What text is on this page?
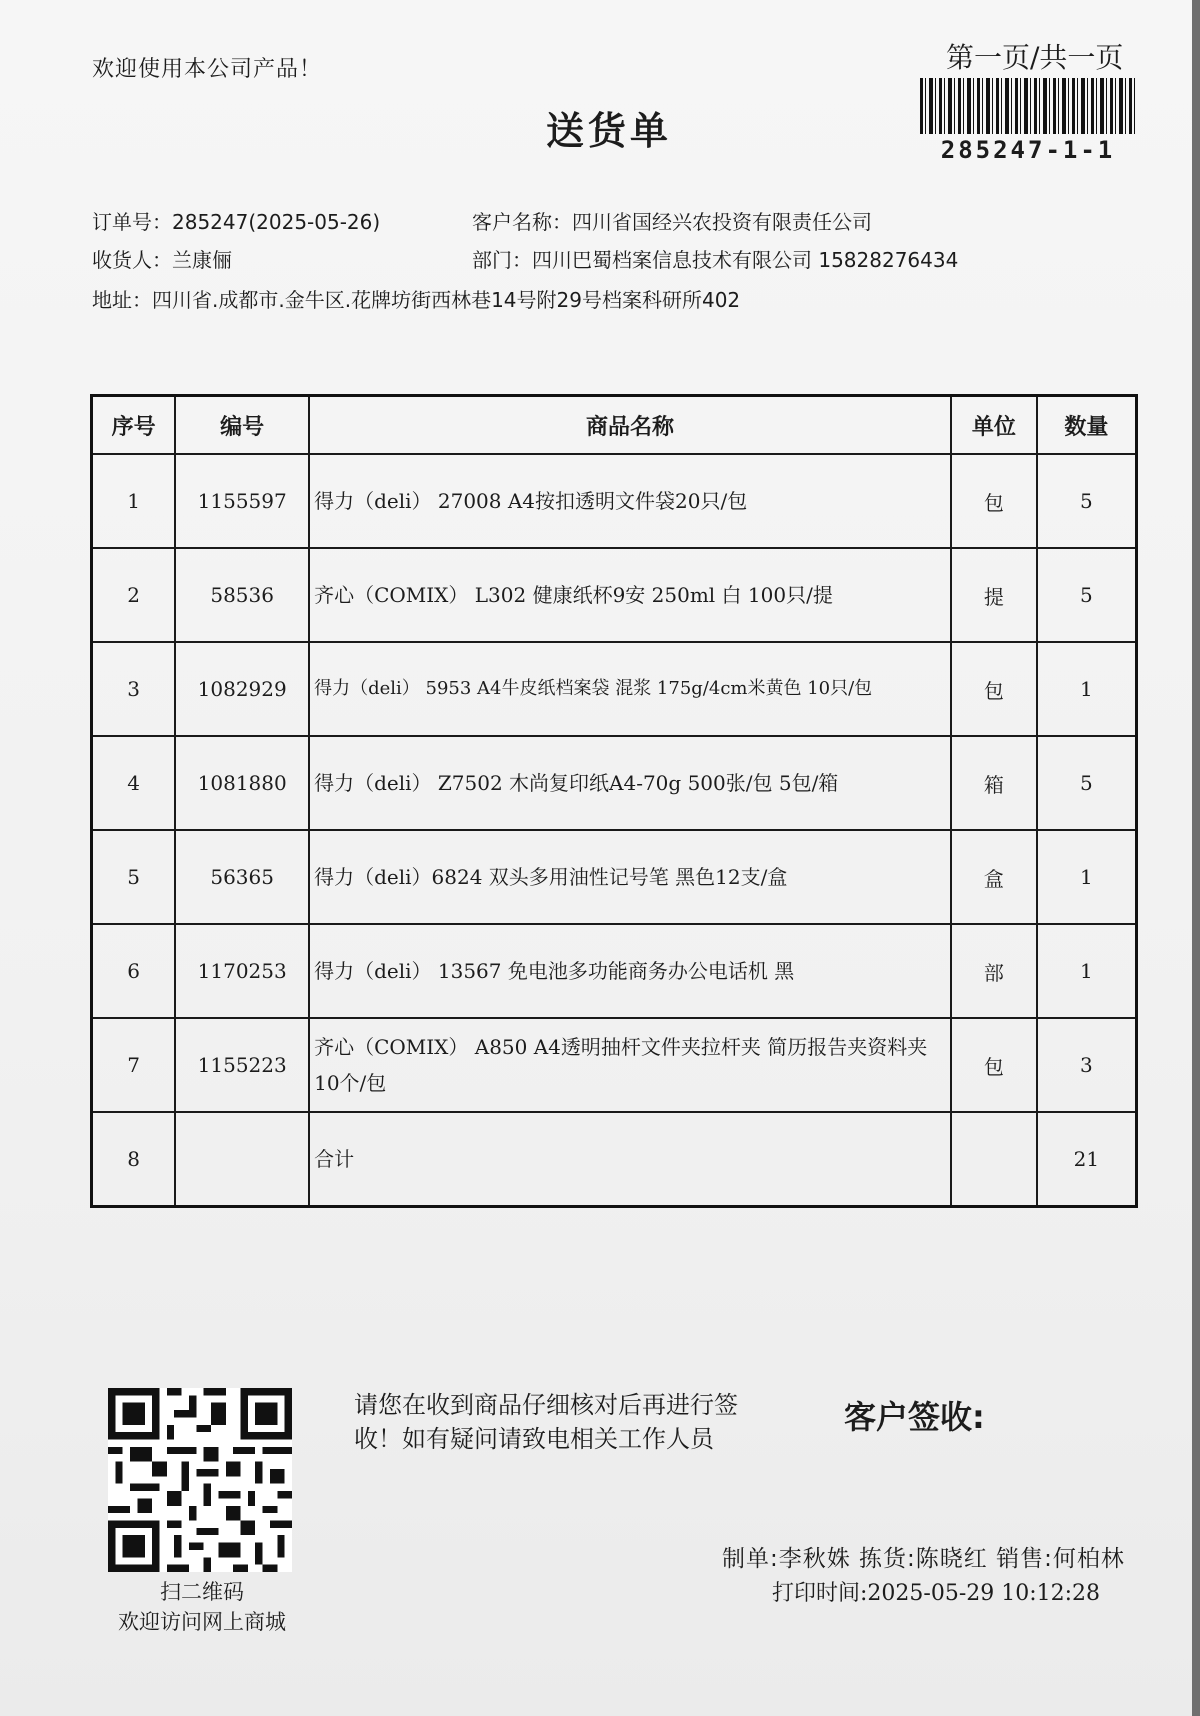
欢迎使用本公司产品！
送货单
第一页/共一页
285247-1-1
订单号：285247(2025-05-26)	客户名称：四川省国经兴农投资有限责任公司
收货人：兰康俪	部门：四川巴蜀档案信息技术有限公司 15828276434
地址：四川省.成都市.金牛区.花牌坊街西林巷14号附29号档案科研所402
序号	编号	商品名称	单位	数量
1	1155597	得力（deli） 27008 A4按扣透明文件袋20只/包	包	5
2	58536	齐心（COMIX） L302 健康纸杯9安 250ml 白 100只/提	提	5
3	1082929	得力（deli） 5953 A4牛皮纸档案袋 混浆 175g/4cm米黄色 10只/包	包	1
4	1081880	得力（deli） Z7502 木尚复印纸A4-70g 500张/包 5包/箱	箱	5
5	56365	得力（deli）6824 双头多用油性记号笔 黑色12支/盒	盒	1
6	1170253	得力（deli） 13567 免电池多功能商务办公电话机 黑	部	1
7	1155223	齐心（COMIX） A850 A4透明抽杆文件夹拉杆夹 简历报告夹资料夹 10个/包	包	3
8		合计		21
扫二维码
欢迎访问网上商城
请您在收到商品仔细核对后再进行签收！如有疑问请致电相关工作人员
客户签收:
制单:李秋姝 拣货:陈晓红 销售:何柏林
打印时间:2025-05-29 10:12:28
